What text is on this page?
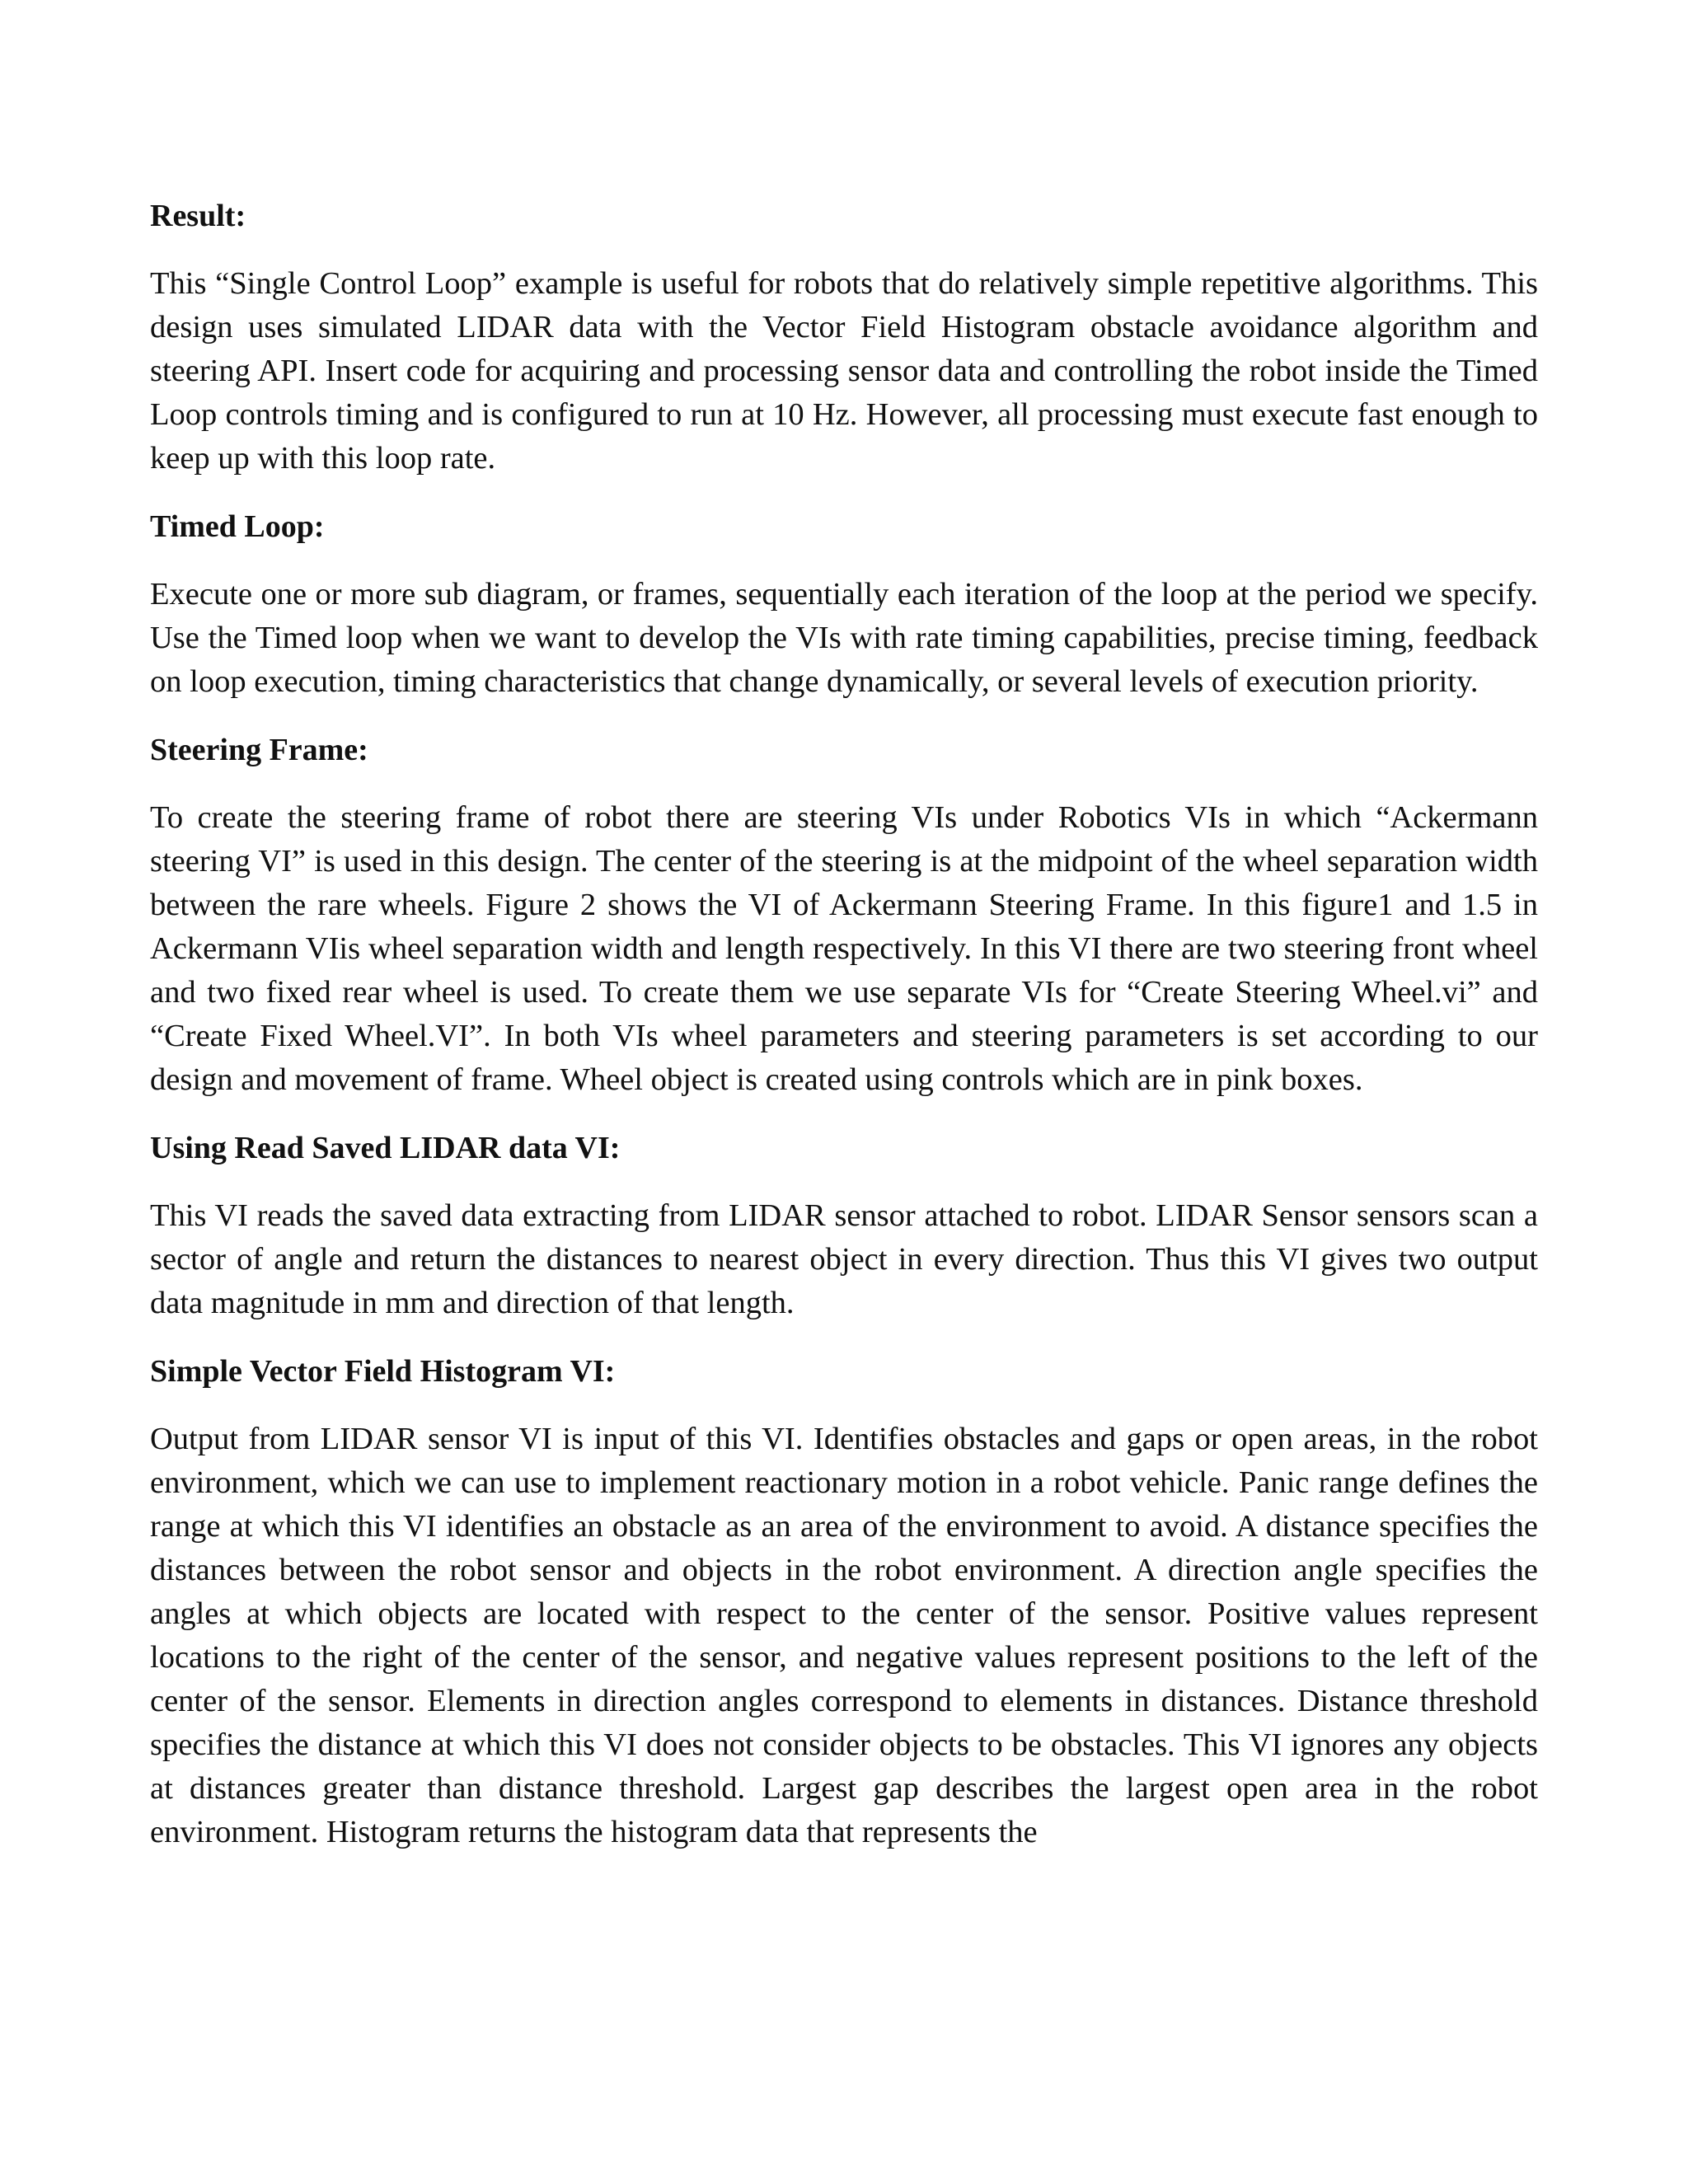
Result:

This “Single Control Loop” example is useful for robots that do relatively simple repetitive algorithms. This design uses simulated LIDAR data with the Vector Field Histogram obstacle avoidance algorithm and steering API. Insert code for acquiring and processing sensor data and controlling the robot inside the Timed Loop controls timing and is configured to run at 10 Hz. However, all processing must execute fast enough to keep up with this loop rate.

Timed Loop:

Execute one or more sub diagram, or frames, sequentially each iteration of the loop at the period we specify. Use the Timed loop when we want to develop the VIs with rate timing capabilities, precise timing, feedback on loop execution, timing characteristics that change dynamically, or several levels of execution priority.

Steering Frame:

To create the steering frame of robot there are steering VIs under Robotics VIs in which “Ackermann steering VI” is used in this design. The center of the steering is at the midpoint of the wheel separation width between the rare wheels. Figure 2 shows the VI of Ackermann Steering Frame. In this figure1 and 1.5 in Ackermann VIis wheel separation width and length respectively. In this VI there are two steering front wheel and two fixed rear wheel is used. To create them we use separate VIs for “Create Steering Wheel.vi” and “Create Fixed Wheel.VI”. In both VIs wheel parameters and steering parameters is set according to our design and movement of frame. Wheel object is created using controls which are in pink boxes.

Using Read Saved LIDAR data VI:

This VI reads the saved data extracting from LIDAR sensor attached to robot. LIDAR Sensor sensors scan a sector of angle and return the distances to nearest object in every direction. Thus this VI gives two output data magnitude in mm and direction of that length.

Simple Vector Field Histogram VI:

Output from LIDAR sensor VI is input of this VI. Identifies obstacles and gaps or open areas, in the robot environment, which we can use to implement reactionary motion in a robot vehicle. Panic range defines the range at which this VI identifies an obstacle as an area of the environment to avoid. A distance specifies the distances between the robot sensor and objects in the robot environment. A direction angle specifies the angles at which objects are located with respect to the center of the sensor. Positive values represent locations to the right of the center of the sensor, and negative values represent positions to the left of the center of the sensor. Elements in direction angles correspond to elements in distances. Distance threshold specifies the distance at which this VI does not consider objects to be obstacles. This VI ignores any objects at distances greater than distance threshold. Largest gap describes the largest open area in the robot environment. Histogram returns the histogram data that represents the
